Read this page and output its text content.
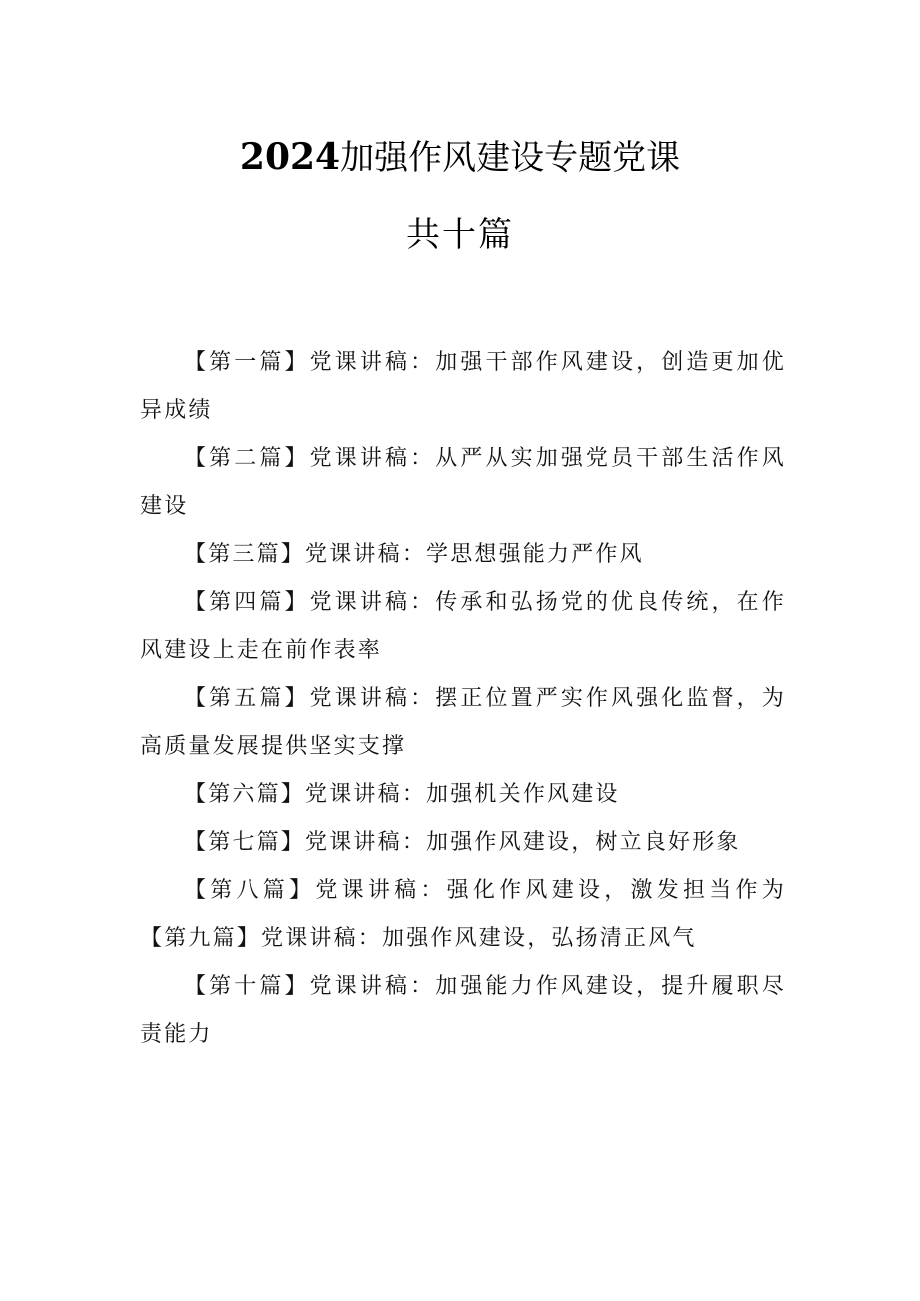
2024加强作风建设专题党课
共十篇

【第一篇】党课讲稿：加强干部作风建设，创造更加优异成绩

【第二篇】党课讲稿：从严从实加强党员干部生活作风建设

【第三篇】党课讲稿：学思想强能力严作风

【第四篇】党课讲稿：传承和弘扬党的优良传统，在作风建设上走在前作表率

【第五篇】党课讲稿：摆正位置严实作风强化监督，为高质量发展提供坚实支撑

【第六篇】党课讲稿：加强机关作风建设

【第七篇】党课讲稿：加强作风建设，树立良好形象

【第八篇】党课讲稿：强化作风建设，激发担当作为【第九篇】党课讲稿：加强作风建设，弘扬清正风气

【第十篇】党课讲稿：加强能力作风建设，提升履职尽责能力
